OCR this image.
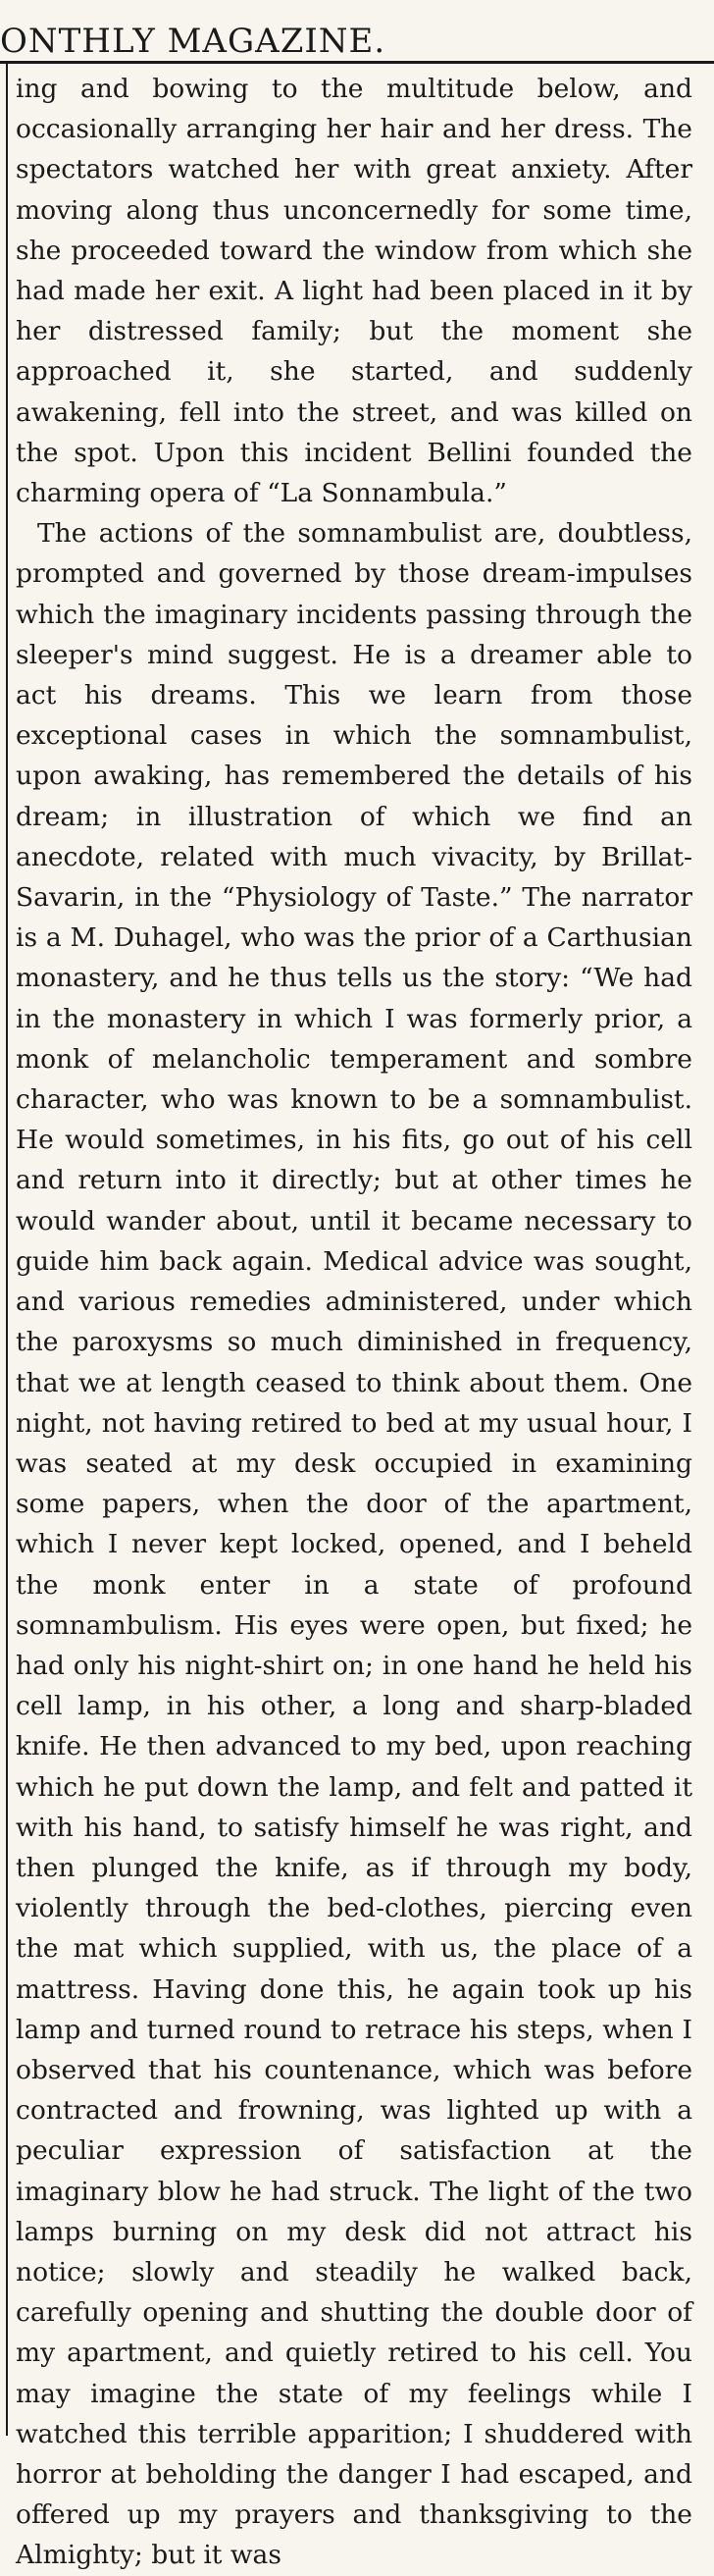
ONTHLY MAGAZINE.

ing and bowing to the multitude below, and occasionally arranging her hair and her dress. The spectators watched her with great anxiety. After moving along thus unconcernedly for some time, she proceeded toward the window from which she had made her exit. A light had been placed in it by her distressed family; but the moment she approached it, she started, and suddenly awakening, fell into the street, and was killed on the spot. Upon this incident Bellini founded the charming opera of “La Sonnambula.”

The actions of the somnambulist are, doubtless, prompted and governed by those dream-impulses which the imaginary incidents passing through the sleeper's mind suggest. He is a dreamer able to act his dreams. This we learn from those exceptional cases in which the somnambulist, upon awaking, has remembered the details of his dream; in illustration of which we find an anecdote, related with much vivacity, by Brillat-Savarin, in the “Physiology of Taste.” The narrator is a M. Duhagel, who was the prior of a Carthusian monastery, and he thus tells us the story: “We had in the monastery in which I was formerly prior, a monk of melancholic temperament and sombre character, who was known to be a somnambulist. He would sometimes, in his fits, go out of his cell and return into it directly; but at other times he would wander about, until it became necessary to guide him back again. Medical advice was sought, and various remedies administered, under which the paroxysms so much diminished in frequency, that we at length ceased to think about them. One night, not having retired to bed at my usual hour, I was seated at my desk occupied in examining some papers, when the door of the apartment, which I never kept locked, opened, and I beheld the monk enter in a state of profound somnambulism. His eyes were open, but fixed; he had only his night-shirt on; in one hand he held his cell lamp, in his other, a long and sharp-bladed knife. He then advanced to my bed, upon reaching which he put down the lamp, and felt and patted it with his hand, to satisfy himself he was right, and then plunged the knife, as if through my body, violently through the bed-clothes, piercing even the mat which supplied, with us, the place of a mattress. Having done this, he again took up his lamp and turned round to retrace his steps, when I observed that his countenance, which was before contracted and frowning, was lighted up with a peculiar expression of satisfaction at the imaginary blow he had struck. The light of the two lamps burning on my desk did not attract his notice; slowly and steadily he walked back, carefully opening and shutting the double door of my apartment, and quietly retired to his cell. You may imagine the state of my feelings while I watched this terrible apparition; I shuddered with horror at beholding the danger I had escaped, and offered up my prayers and thanksgiving to the Almighty; but it was
